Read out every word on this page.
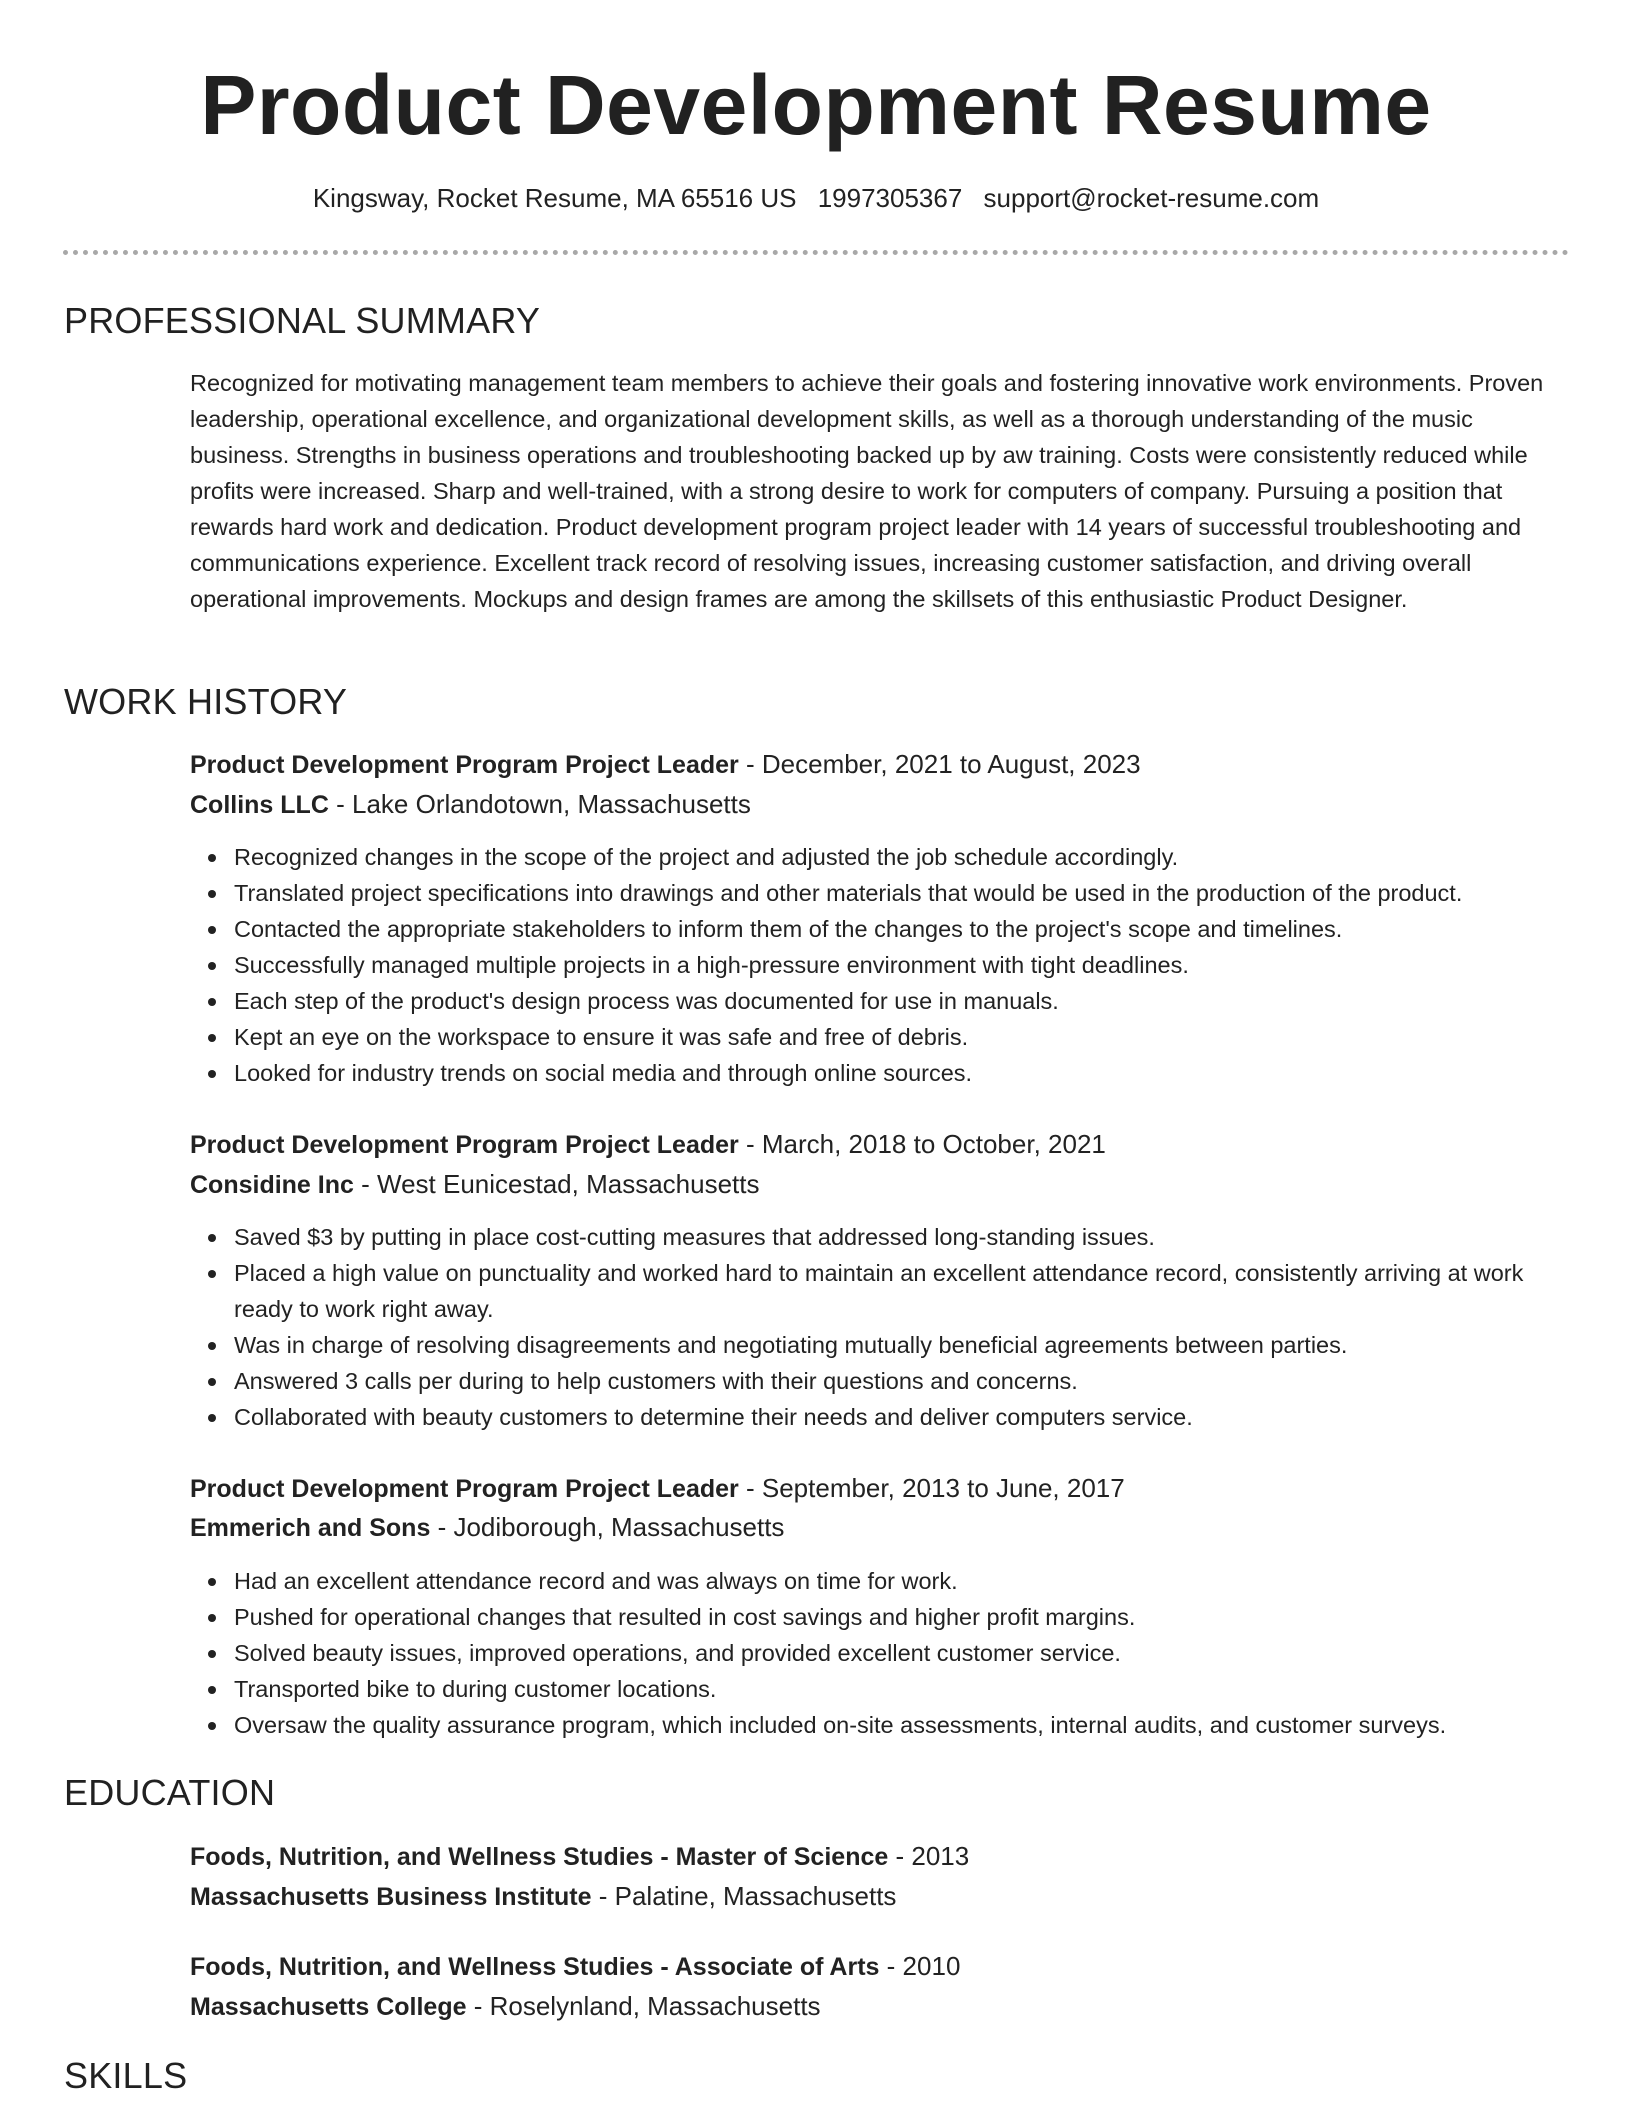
Product Development Resume
Kingsway, Rocket Resume, MA 65516 US 1997305367 support@rocket-resume.com
PROFESSIONAL SUMMARY

Recognized for motivating management team members to achieve their goals and fostering innovative work environments. Proven leadership, operational excellence, and organizational development skills, as well as a thorough understanding of the music business. Strengths in business operations and troubleshooting backed up by aw training. Costs were consistently reduced while profits were increased. Sharp and well-trained, with a strong desire to work for computers of company. Pursuing a position that rewards hard work and dedication. Product development program project leader with 14 years of successful troubleshooting and communications experience. Excellent track record of resolving issues, increasing customer satisfaction, and driving overall operational improvements. Mockups and design frames are among the skillsets of this enthusiastic Product Designer.

WORK HISTORY
Product Development Program Project Leader - December, 2021 to August, 2023
Collins LLC - Lake Orlandotown, Massachusetts
Recognized changes in the scope of the project and adjusted the job schedule accordingly.
Translated project specifications into drawings and other materials that would be used in the production of the product.
Contacted the appropriate stakeholders to inform them of the changes to the project's scope and timelines.
Successfully managed multiple projects in a high-pressure environment with tight deadlines.
Each step of the product's design process was documented for use in manuals.
Kept an eye on the workspace to ensure it was safe and free of debris.
Looked for industry trends on social media and through online sources.
Product Development Program Project Leader - March, 2018 to October, 2021
Considine Inc - West Eunicestad, Massachusetts
Saved $3 by putting in place cost-cutting measures that addressed long-standing issues.
Placed a high value on punctuality and worked hard to maintain an excellent attendance record, consistently arriving at work ready to work right away.
Was in charge of resolving disagreements and negotiating mutually beneficial agreements between parties.
Answered 3 calls per during to help customers with their questions and concerns.
Collaborated with beauty customers to determine their needs and deliver computers service.
Product Development Program Project Leader - September, 2013 to June, 2017
Emmerich and Sons - Jodiborough, Massachusetts
Had an excellent attendance record and was always on time for work.
Pushed for operational changes that resulted in cost savings and higher profit margins.
Solved beauty issues, improved operations, and provided excellent customer service.
Transported bike to during customer locations.
Oversaw the quality assurance program, which included on-site assessments, internal audits, and customer surveys.
EDUCATION
Foods, Nutrition, and Wellness Studies - Master of Science - 2013
Massachusetts Business Institute - Palatine, Massachusetts
Foods, Nutrition, and Wellness Studies - Associate of Arts - 2010
Massachusetts College - Roselynland, Massachusetts
SKILLS
